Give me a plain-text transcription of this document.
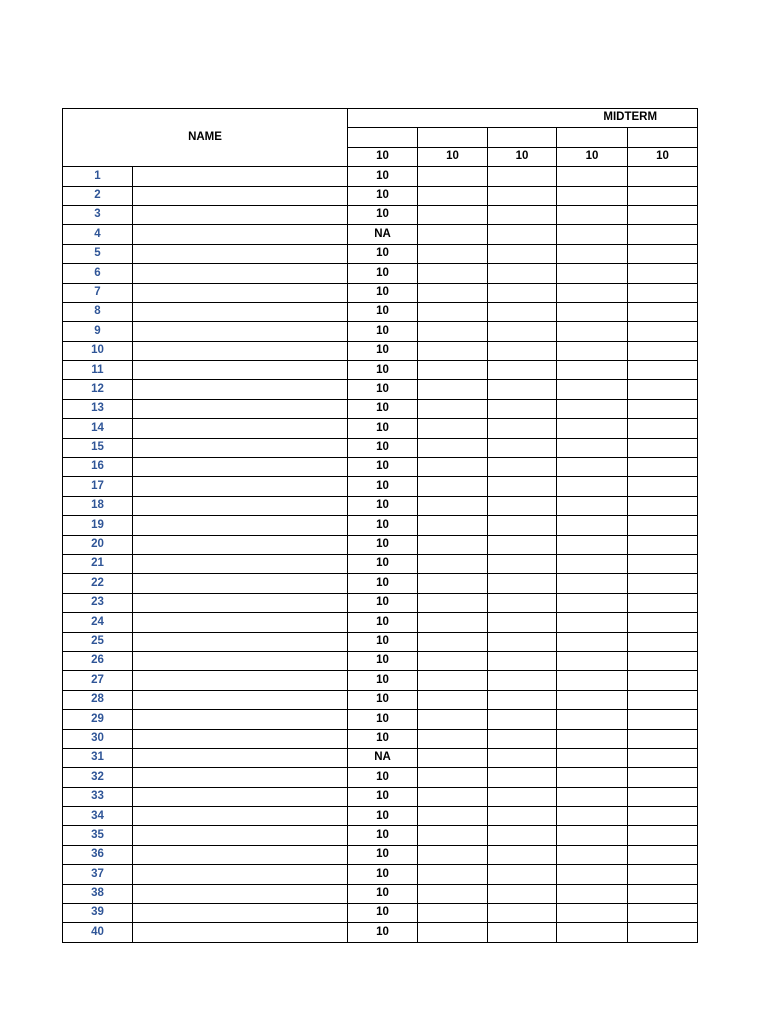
NAME		MIDTERM				

		10	10	10	10	10
1		10				
2		10				
3		10				
4		NA				
5		10				
6		10				
7		10				
8		10				
9		10				
10		10				
11		10				
12		10				
13		10				
14		10				
15		10				
16		10				
17		10				
18		10				
19		10				
20		10				
21		10				
22		10				
23		10				
24		10				
25		10				
26		10				
27		10				
28		10				
29		10				
30		10				
31		NA				
32		10				
33		10				
34		10				
35		10				
36		10				
37		10				
38		10				
39		10				
40		10				
